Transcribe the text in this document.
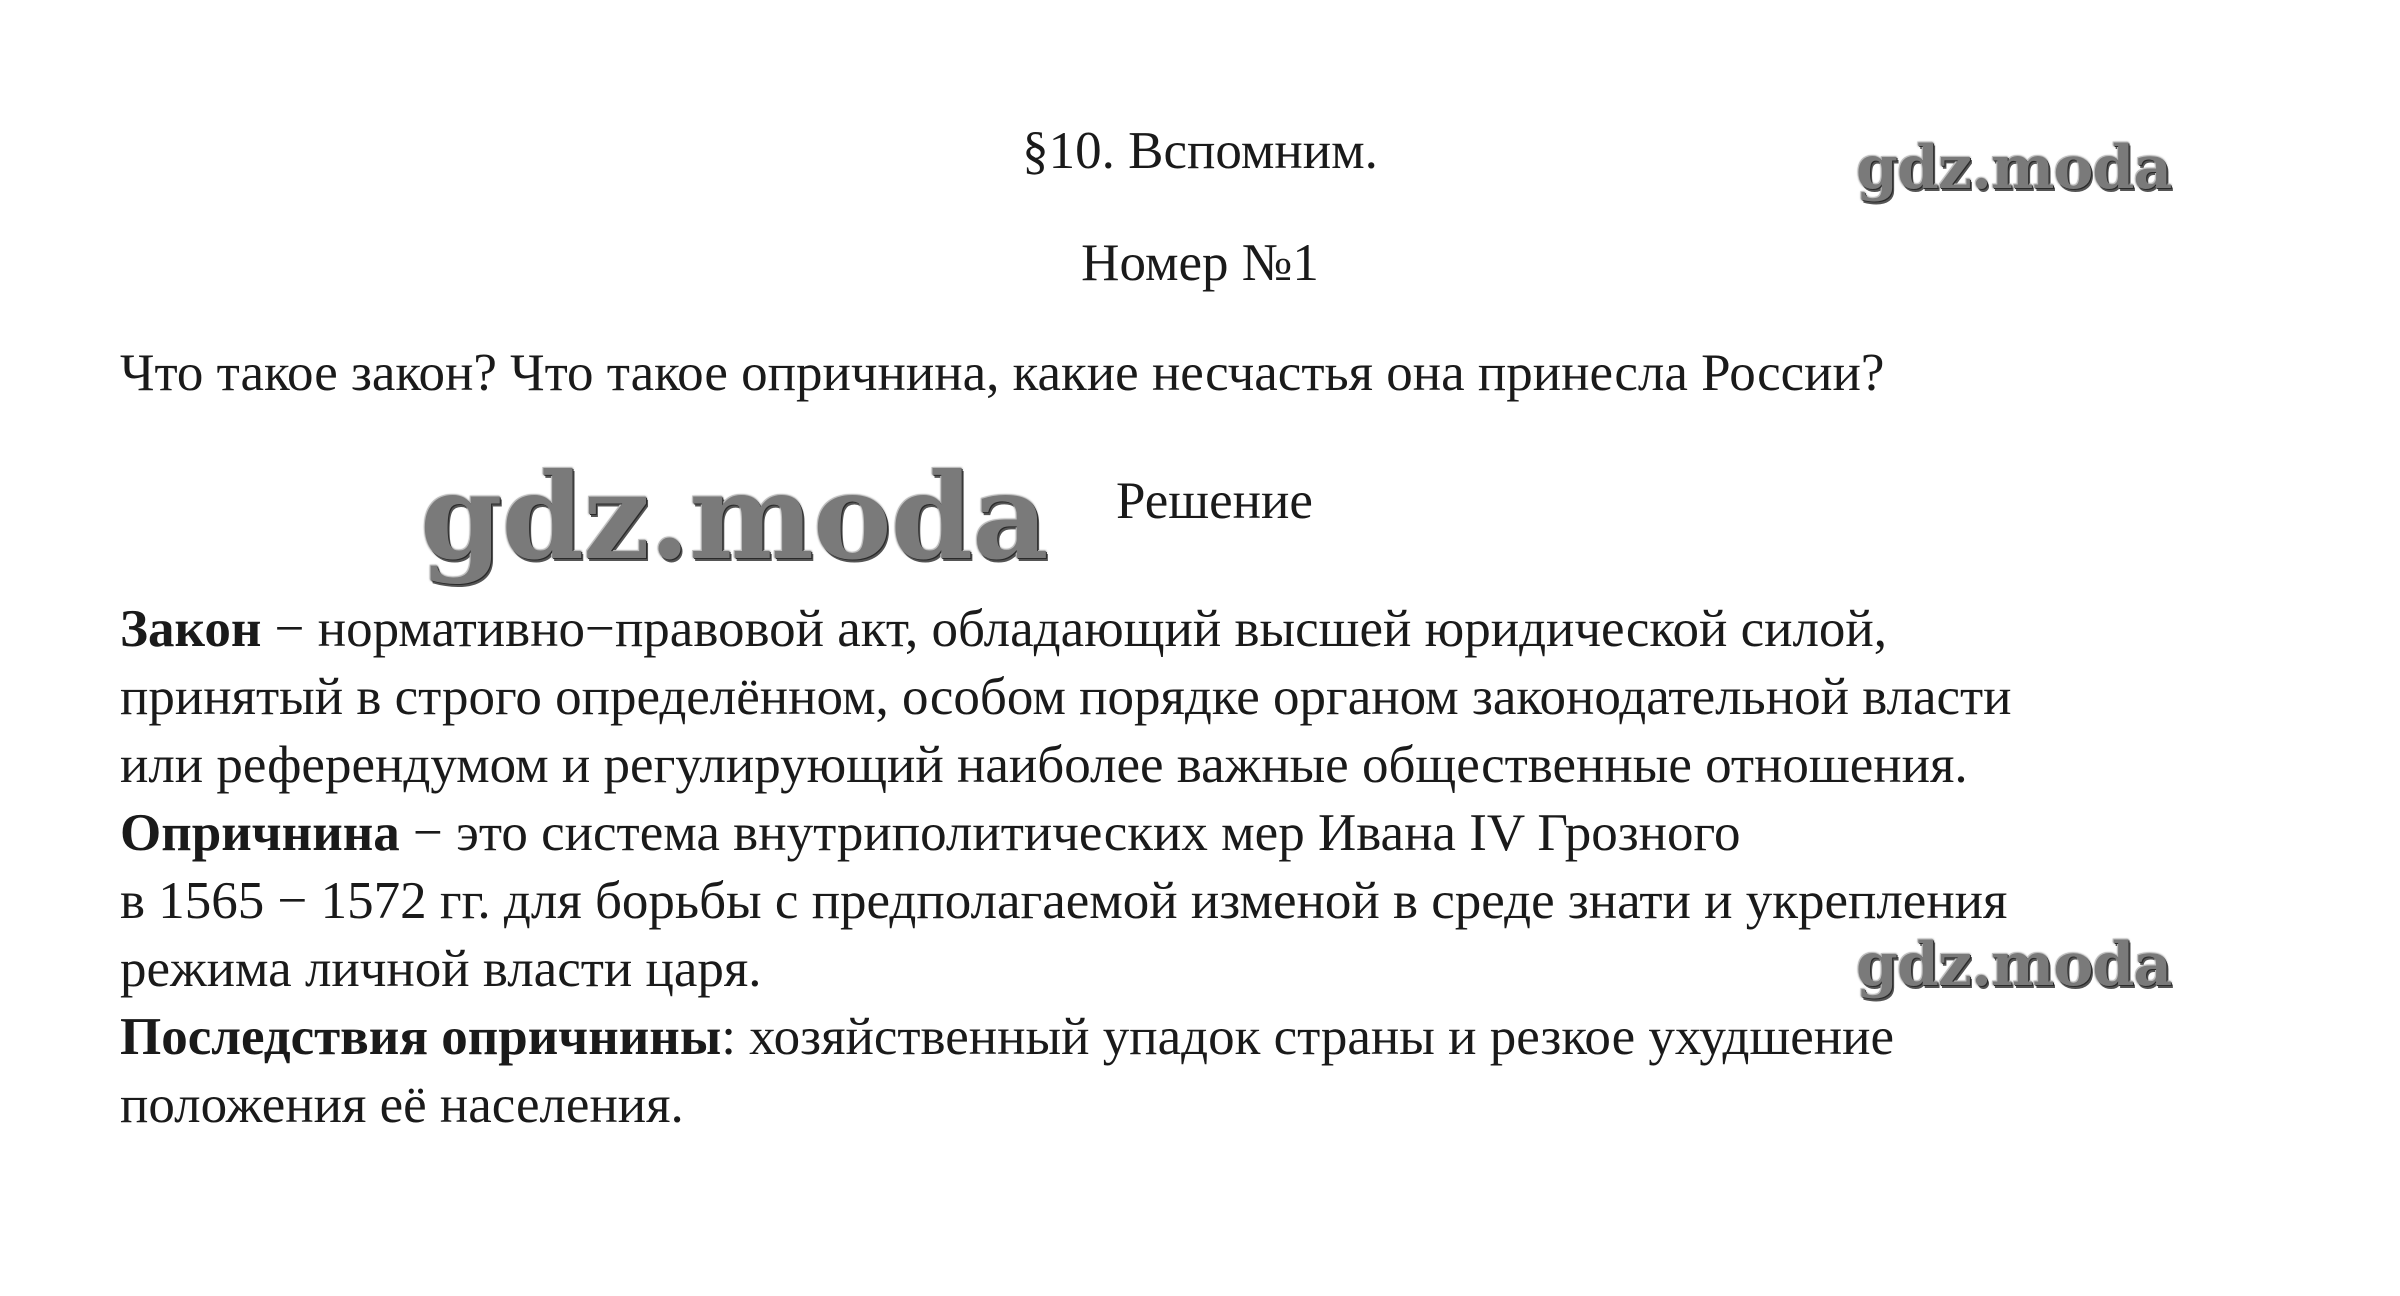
§10. Вспомним.
Номер №1
Что такое закон? Что такое опричнина, какие несчастья она принесла России?
Решение
Закон − нормативно−правовой акт, обладающий высшей юридической силой,
принятый в строго определённом, особом порядке органом законодательной власти
или референдумом и регулирующий наиболее важные общественные отношения.
Опричнина − это система внутриполитических мер Ивана IV Грозного
в 1565 − 1572 гг. для борьбы с предполагаемой изменой в среде знати и укрепления
режима личной власти царя.
Последствия опричнины: хозяйственный упадок страны и резкое ухудшение
положения её населения.
gdz.moda
gdz.moda
gdz.moda
